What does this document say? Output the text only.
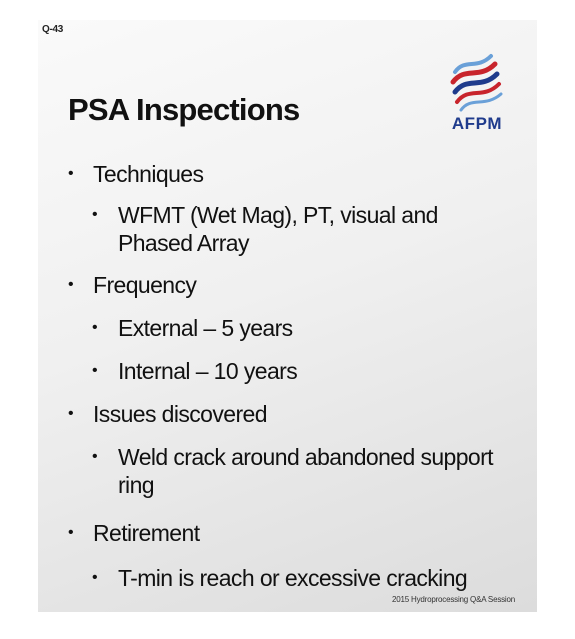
Q-43
AFPM
PSA Inspections
• Techniques
• WFMT (Wet Mag), PT, visual and Phased Array
• Frequency
• External – 5 years
• Internal – 10 years
• Issues discovered
• Weld crack around abandoned support ring
• Retirement
• T-min is reach or excessive cracking
2015 Hydroprocessing Q&A Session
